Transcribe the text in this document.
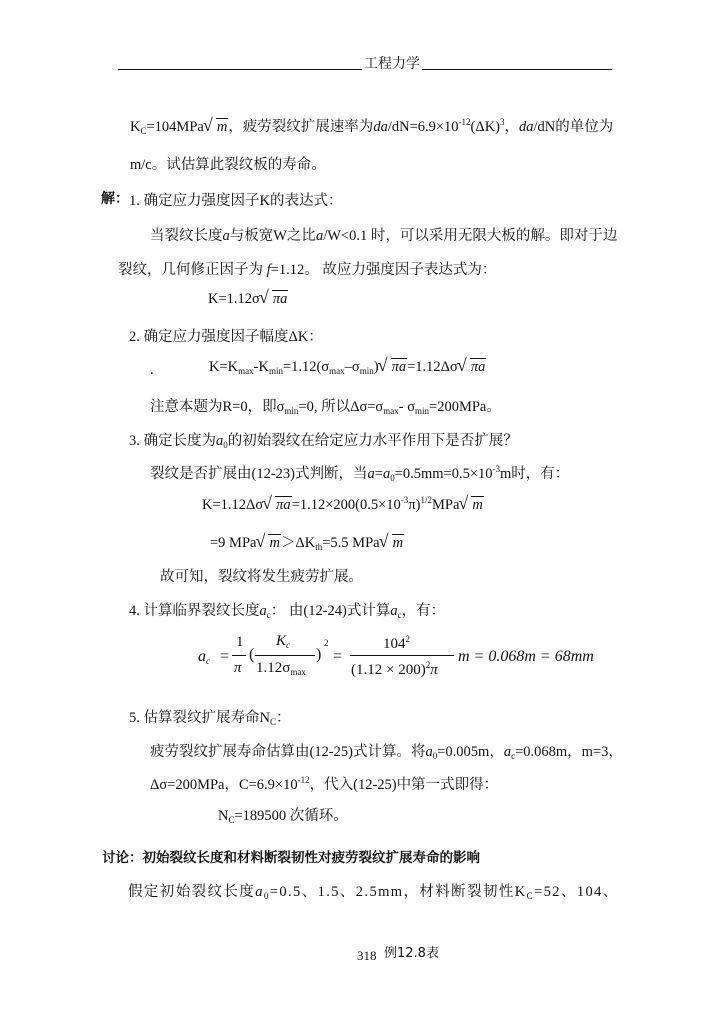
工程力学
$K_C=104MPa√$ m，疲劳裂纹扩展速率为$da/dN=6.9\times 10^{-12}(\Delta K)^3$，da/dN的单位为
m/c。试估算此裂纹板的寿命。
解： 1. 确定应力强度因子K的表达式：
当裂纹长度a与板宽W之比a/W<0.1 时，可以采用无限大板的解。即对于边
裂纹，几何修正因子为 f=1.12。 故应力强度因子表达式为：
K=1.12σ√ πa
2. 确定应力强度因子幅度ΔK：
.	$K=K_{max}-K_{min}=1.12(\sigma_{max}-\sigma_{min})√$ πa=1.12Δσ√ πa
注意本题为R=0，即$\sigma_{min}=0$, 所以$\Delta\sigma=\sigma_{max}-$ $\sigma_{min}=200MPa$。
3. 确定长度为$a_0$的初始裂纹在给定应力水平作用下是否扩展？
裂纹是否扩展由(12-23)式判断，当$a=a_0=0.5mm=0.5\times 10^{-3}m$时，有：
K=1.12Δσ√ $\pi a=1.12\times 200(0.5\times 10^{-3}\pi)^{1/2}MPa√$ m
=9 MPa√ $m>\Delta K_{th}=5.5$ MPa√ m
故可知，裂纹将发生疲劳扩展。
4. 计算临界裂纹长度$a_c$： 由(12-24)式计算$a_c$，有：
$a_c$ =
1
π
(
$K_c$
$1.12\sigma_{max}$
)
2
=
$104^2$
$(1.12 \times 200)^2\pi$
m = 0.068m = 68mm
5. 估算裂纹扩展寿命$N_C$：
疲劳裂纹扩展寿命估算由(12-25)式计算。将$a_0=0.005m$，$a_c=0.068m$，m=3，
Δσ=200MPa，$C=6.9\times 10^{-12}$，代入(12-25)中第一式即得：
$N_C=189500$ 次循环。
讨论：初始裂纹长度和材料断裂韧性对疲劳裂纹扩展寿命的影响
假定初始裂纹长度$a_0=0.5$、1.5、2.5mm，材料断裂韧性$K_C=52$、104、
318 例12.8表
